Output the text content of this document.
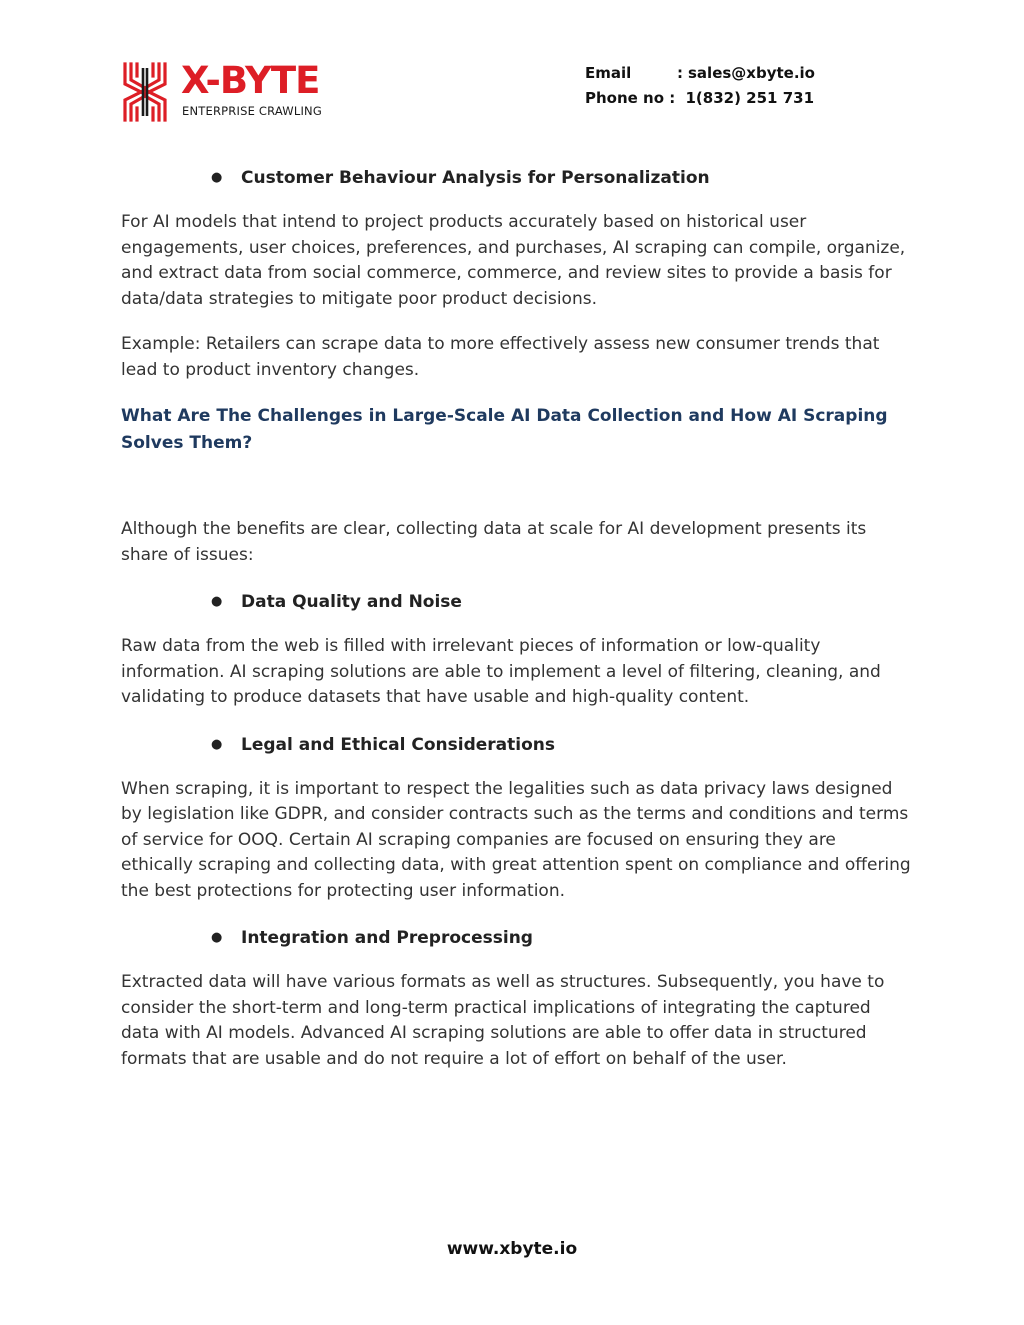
X-BYTE
ENTERPRISE CRAWLING
Email	: sales@xbyte.io
Phone no : 1(832) 251 731
● Customer Behaviour Analysis for Personalization

For AI models that intend to project products accurately based on historical user engagements, user choices, preferences, and purchases, AI scraping can compile, organize, and extract data from social commerce, commerce, and review sites to provide a basis for data/data strategies to mitigate poor product decisions.

Example: Retailers can scrape data to more effectively assess new consumer trends that lead to product inventory changes.

What Are The Challenges in Large-Scale AI Data Collection and How AI Scraping Solves Them?

Although the benefits are clear, collecting data at scale for AI development presents its share of issues:

● Data Quality and Noise

Raw data from the web is filled with irrelevant pieces of information or low-quality information. AI scraping solutions are able to implement a level of filtering, cleaning, and validating to produce datasets that have usable and high-quality content.

● Legal and Ethical Considerations

When scraping, it is important to respect the legalities such as data privacy laws designed by legislation like GDPR, and consider contracts such as the terms and conditions and terms of service for OOQ. Certain AI scraping companies are focused on ensuring they are ethically scraping and collecting data, with great attention spent on compliance and offering the best protections for protecting user information.

● Integration and Preprocessing

Extracted data will have various formats as well as structures. Subsequently, you have to consider the short-term and long-term practical implications of integrating the captured data with AI models. Advanced AI scraping solutions are able to offer data in structured formats that are usable and do not require a lot of effort on behalf of the user.

www.xbyte.io
